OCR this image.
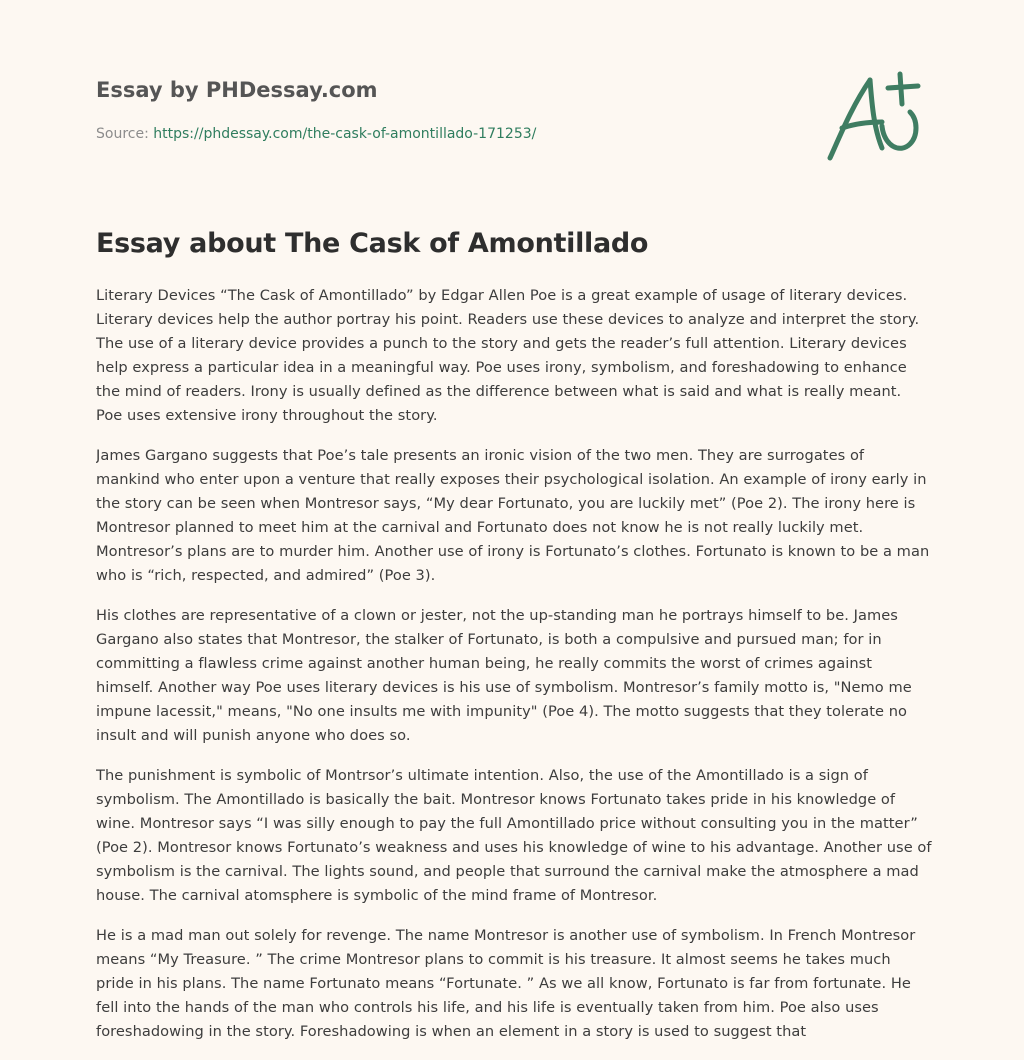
Essay by PHDessay.com
Source: https://phdessay.com/the-cask-of-amontillado-171253/
Essay about The Cask of Amontillado

Literary Devices “The Cask of Amontillado” by Edgar Allen Poe is a great example of usage of literary devices. Literary devices help the author portray his point. Readers use these devices to analyze and interpret the story. The use of a literary device provides a punch to the story and gets the reader’s full attention. Literary devices help express a particular idea in a meaningful way. Poe uses irony, symbolism, and foreshadowing to enhance the mind of readers. Irony is usually defined as the difference between what is said and what is really meant. Poe uses extensive irony throughout the story.

James Gargano suggests that Poe’s tale presents an ironic vision of the two men. They are surrogates of mankind who enter upon a venture that really exposes their psychological isolation. An example of irony early in the story can be seen when Montresor says, “My dear Fortunato, you are luckily met” (Poe 2). The irony here is Montresor planned to meet him at the carnival and Fortunato does not know he is not really luckily met. Montresor’s plans are to murder him. Another use of irony is Fortunato’s clothes. Fortunato is known to be a man who is “rich, respected, and admired” (Poe 3).

His clothes are representative of a clown or jester, not the up-standing man he portrays himself to be. James Gargano also states that Montresor, the stalker of Fortunato, is both a compulsive and pursued man; for in committing a flawless crime against another human being, he really commits the worst of crimes against himself. Another way Poe uses literary devices is his use of symbolism. Montresor’s family motto is, "Nemo me impune lacessit," means, "No one insults me with impunity" (Poe 4). The motto suggests that they tolerate no insult and will punish anyone who does so.

The punishment is symbolic of Montrsor’s ultimate intention. Also, the use of the Amontillado is a sign of symbolism. The Amontillado is basically the bait. Montresor knows Fortunato takes pride in his knowledge of wine. Montresor says “I was silly enough to pay the full Amontillado price without consulting you in the matter” (Poe 2). Montresor knows Fortunato’s weakness and uses his knowledge of wine to his advantage. Another use of symbolism is the carnival. The lights sound, and people that surround the carnival make the atmosphere a mad house. The carnival atomsphere is symbolic of the mind frame of Montresor.

He is a mad man out solely for revenge. The name Montresor is another use of symbolism. In French Montresor means “My Treasure. ” The crime Montresor plans to commit is his treasure. It almost seems he takes much pride in his plans. The name Fortunato means “Fortunate. ” As we all know, Fortunato is far from fortunate. He fell into the hands of the man who controls his life, and his life is eventually taken from him. Poe also uses foreshadowing in the story. Foreshadowing is when an element in a story is used to suggest that
